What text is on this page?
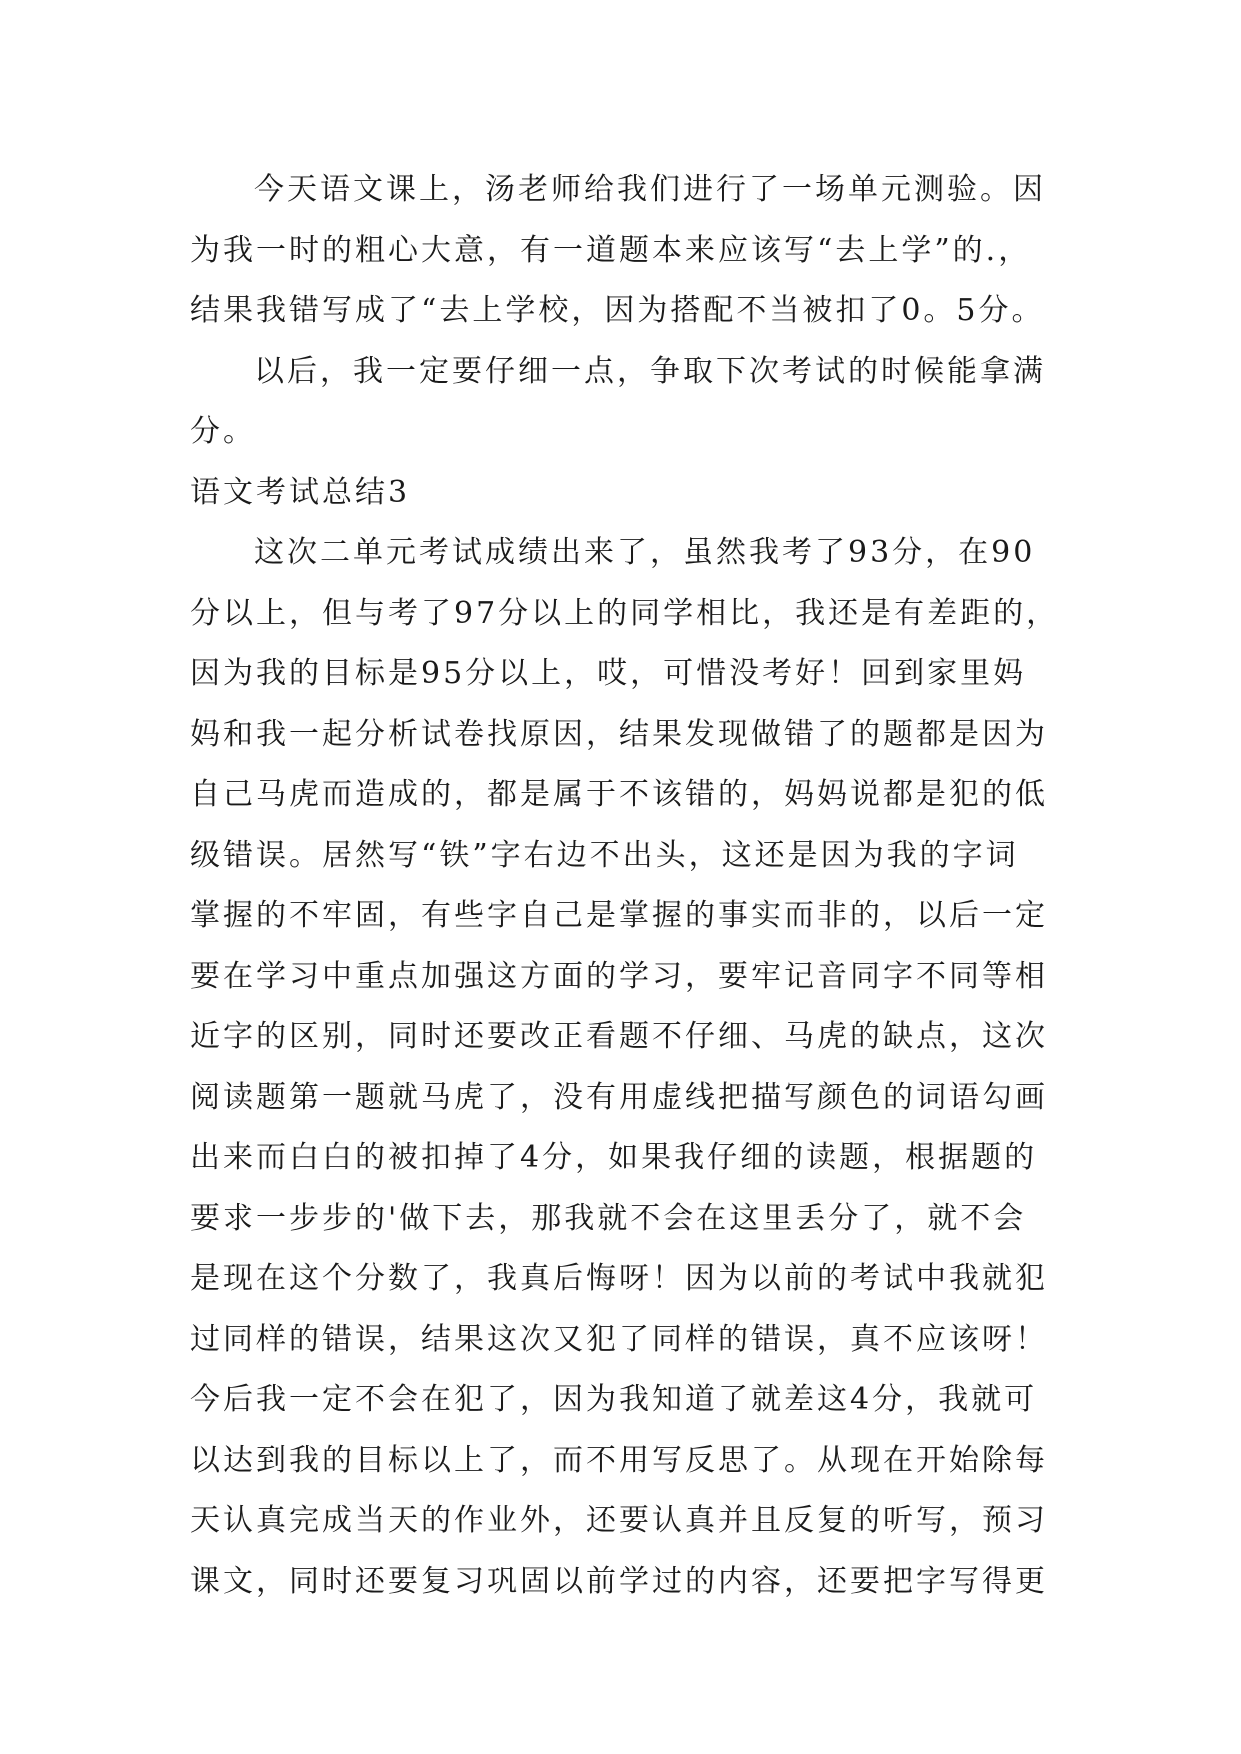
今天语文课上，汤老师给我们进行了一场单元测验。因
为我一时的粗心大意，有一道题本来应该写“去上学”的.，
结果我错写成了“去上学校，因为搭配不当被扣了0。5分。
以后，我一定要仔细一点，争取下次考试的时候能拿满
分。
语文考试总结3
这次二单元考试成绩出来了，虽然我考了93分，在90
分以上，但与考了97分以上的同学相比，我还是有差距的，
因为我的目标是95分以上，哎，可惜没考好！回到家里妈
妈和我一起分析试卷找原因，结果发现做错了的题都是因为
自己马虎而造成的，都是属于不该错的，妈妈说都是犯的低
级错误。居然写“铁”字右边不出头，这还是因为我的字词
掌握的不牢固，有些字自己是掌握的事实而非的，以后一定
要在学习中重点加强这方面的学习，要牢记音同字不同等相
近字的区别，同时还要改正看题不仔细、马虎的缺点，这次
阅读题第一题就马虎了，没有用虚线把描写颜色的词语勾画
出来而白白的被扣掉了4分，如果我仔细的读题，根据题的
要求一步步的'做下去，那我就不会在这里丢分了，就不会
是现在这个分数了，我真后悔呀！因为以前的考试中我就犯
过同样的错误，结果这次又犯了同样的错误，真不应该呀！
今后我一定不会在犯了，因为我知道了就差这4分，我就可
以达到我的目标以上了，而不用写反思了。从现在开始除每
天认真完成当天的作业外，还要认真并且反复的听写，预习
课文，同时还要复习巩固以前学过的内容，还要把字写得更
